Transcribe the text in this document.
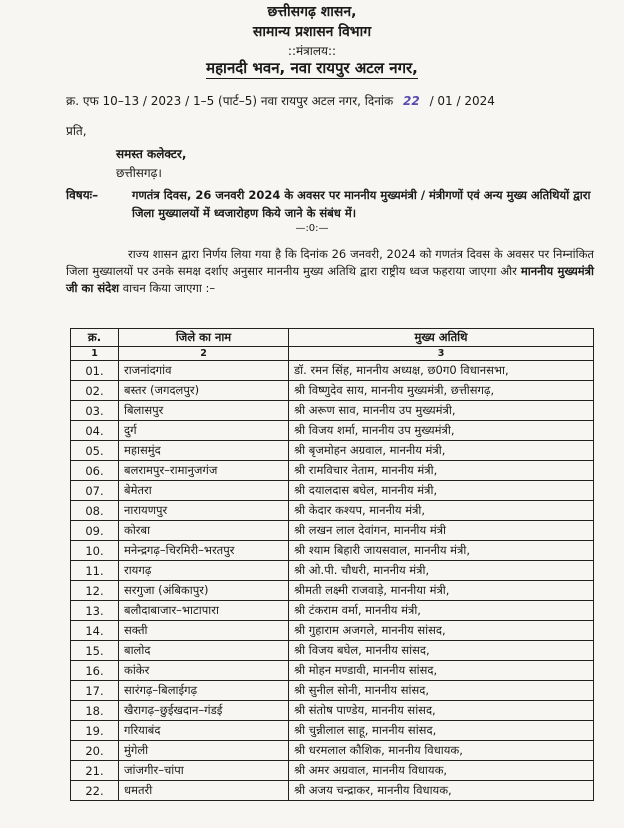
छत्तीसगढ़ शासन,
सामान्य प्रशासन विभाग
::मंत्रालय::
महानदी भवन, नवा रायपुर अटल नगर,
क्र. एफ 10–13 / 2023 / 1–5 (पार्ट–5) नवा रायपुर अटल नगर, दिनांक 22 / 01 / 2024
प्रति,
समस्त कलेक्टर,
छत्तीसगढ़।
विषयः–	गणतंत्र दिवस, 26 जनवरी 2024 के अवसर पर माननीय मुख्यमंत्री / मंत्रीगणों एवं अन्य मुख्य अतिथियों द्वारा जिला मुख्यालयों में ध्वजारोहण किये जाने के संबंध में।
—:0:—
राज्य शासन द्वारा निर्णय लिया गया है कि दिनांक 26 जनवरी, 2024 को गणतंत्र दिवस के अवसर पर निम्नांकित जिला मुख्यालयों पर उनके समक्ष दर्शाए अनुसार माननीय मुख्य अतिथि द्वारा राष्ट्रीय ध्वज फहराया जाएगा और माननीय मुख्यमंत्री जी का संदेश वाचन किया जाएगा :–
क्र.	जिले का नाम	मुख्य अतिथि
1	2	3
01.	राजनांदगांव	डॉ. रमन सिंह, माननीय अध्यक्ष, छ0ग0 विधानसभा,
02.	बस्तर (जगदलपुर)	श्री विष्णुदेव साय, माननीय मुख्यमंत्री, छत्तीसगढ़,
03.	बिलासपुर	श्री अरूण साव, माननीय उप मुख्यमंत्री,
04.	दुर्ग	श्री विजय शर्मा, माननीय उप मुख्यमंत्री,
05.	महासमुंद	श्री बृजमोहन अग्रवाल, माननीय मंत्री,
06.	बलरामपुर–रामानुजगंज	श्री रामविचार नेताम, माननीय मंत्री,
07.	बेमेतरा	श्री दयालदास बघेल, माननीय मंत्री,
08.	नारायणपुर	श्री केदार कश्यप, माननीय मंत्री,
09.	कोरबा	श्री लखन लाल देवांगन, माननीय मंत्री
10.	मनेन्द्रगढ़–चिरमिरी–भरतपुर	श्री श्याम बिहारी जायसवाल, माननीय मंत्री,
11.	रायगढ़	श्री ओ.पी. चौधरी, माननीय मंत्री,
12.	सरगुजा (अंबिकापुर)	श्रीमती लक्ष्मी राजवाड़े, माननीया मंत्री,
13.	बलौदाबाजार–भाटापारा	श्री टंकराम वर्मा, माननीय मंत्री,
14.	सक्ती	श्री गुहाराम अजगले, माननीय सांसद,
15.	बालोद	श्री विजय बघेल, माननीय सांसद,
16.	कांकेर	श्री मोहन मण्डावी, माननीय सांसद,
17.	सारंगढ़–बिलाईगढ़	श्री सुनील सोनी, माननीय सांसद,
18.	खैरागढ़–छुईखदान–गंडई	श्री संतोष पाण्डेय, माननीय सांसद,
19.	गरियाबंद	श्री चुन्नीलाल साहू, माननीय सांसद,
20.	मुंगेली	श्री धरमलाल कौशिक, माननीय विधायक,
21.	जांजगीर–चांपा	श्री अमर अग्रवाल, माननीय विधायक,
22.	धमतरी	श्री अजय चन्द्राकर, माननीय विधायक,
